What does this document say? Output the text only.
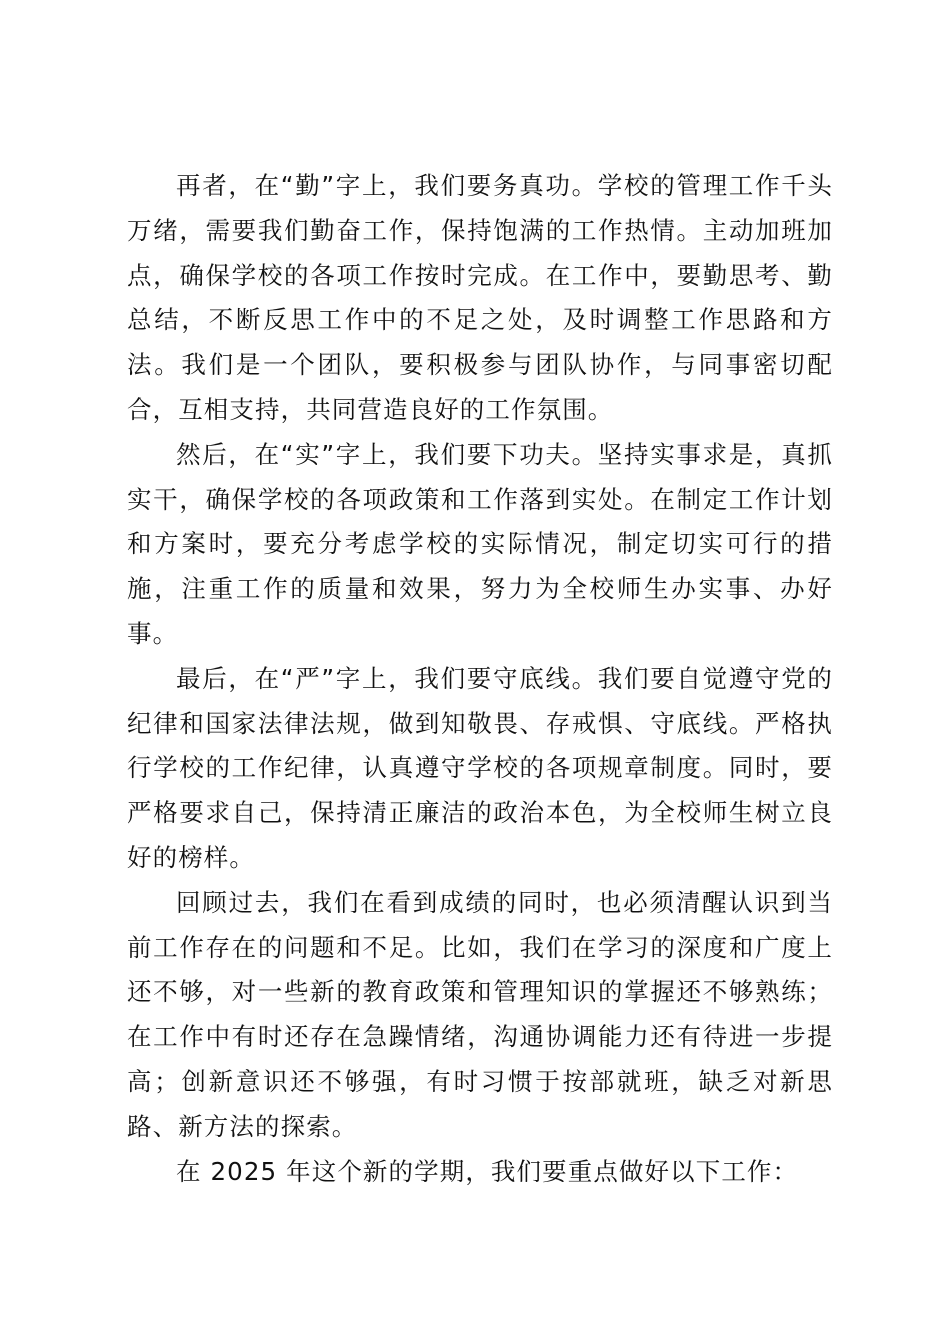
再者，在“勤”字上，我们要务真功。学校的管理工作千头万绪，需要我们勤奋工作，保持饱满的工作热情。主动加班加点，确保学校的各项工作按时完成。在工作中，要勤思考、勤总结，不断反思工作中的不足之处，及时调整工作思路和方法。我们是一个团队，要积极参与团队协作，与同事密切配合，互相支持，共同营造良好的工作氛围。

然后，在“实”字上，我们要下功夫。坚持实事求是，真抓实干，确保学校的各项政策和工作落到实处。在制定工作计划和方案时，要充分考虑学校的实际情况，制定切实可行的措施，注重工作的质量和效果，努力为全校师生办实事、办好事。

最后，在“严”字上，我们要守底线。我们要自觉遵守党的纪律和国家法律法规，做到知敬畏、存戒惧、守底线。严格执行学校的工作纪律，认真遵守学校的各项规章制度。同时，要严格要求自己，保持清正廉洁的政治本色，为全校师生树立良好的榜样。

回顾过去，我们在看到成绩的同时，也必须清醒认识到当前工作存在的问题和不足。比如，我们在学习的深度和广度上还不够，对一些新的教育政策和管理知识的掌握还不够熟练；在工作中有时还存在急躁情绪，沟通协调能力还有待进一步提高；创新意识还不够强，有时习惯于按部就班，缺乏对新思路、新方法的探索。

在 2025 年这个新的学期，我们要重点做好以下工作：
